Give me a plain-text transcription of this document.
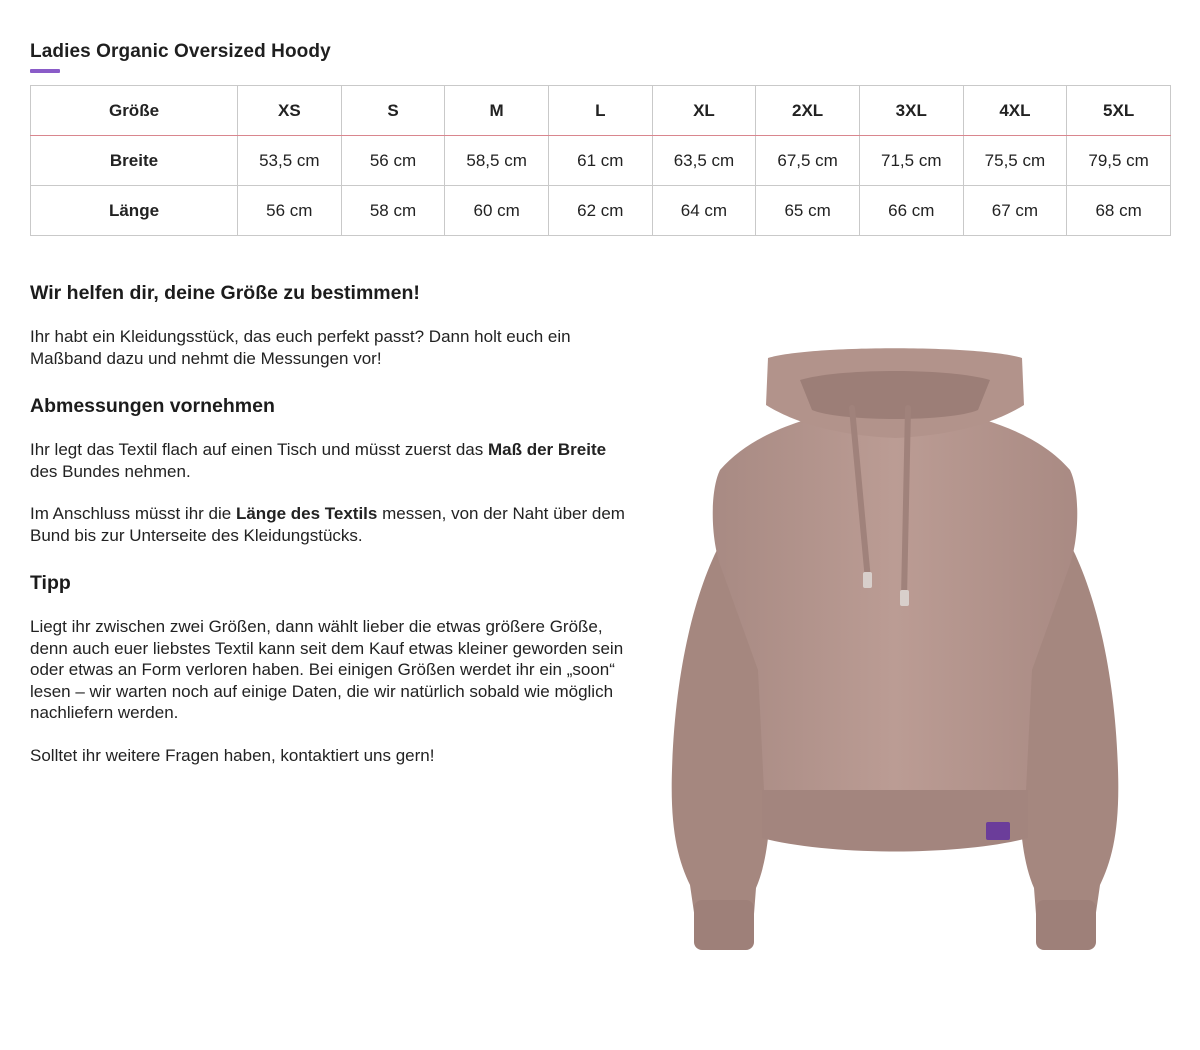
Ladies Organic Oversized Hoody
Größe	XS	S	M	L	XL	2XL	3XL	4XL	5XL
Breite	53,5 cm	56 cm	58,5 cm	61 cm	63,5 cm	67,5 cm	71,5 cm	75,5 cm	79,5 cm
Länge	56 cm	58 cm	60 cm	62 cm	64 cm	65 cm	66 cm	67 cm	68 cm
Wir helfen dir, deine Größe zu bestimmen!

Ihr habt ein Kleidungsstück, das euch perfekt passt? Dann holt euch ein Maßband dazu und nehmt die Messungen vor!

Abmessungen vornehmen

Ihr legt das Textil flach auf einen Tisch und müsst zuerst das Maß der Breite des Bundes nehmen.

Im Anschluss müsst ihr die Länge des Textils messen, von der Naht über dem Bund bis zur Unterseite des Kleidungstücks.

Tipp

Liegt ihr zwischen zwei Größen, dann wählt lieber die etwas größere Größe, denn auch euer liebstes Textil kann seit dem Kauf etwas kleiner geworden sein oder etwas an Form verloren haben. Bei einigen Größen werdet ihr ein „soon“ lesen – wir warten noch auf einige Daten, die wir natürlich sobald wie möglich nachliefern werden.

Solltet ihr weitere Fragen haben, kontaktiert uns gern!
